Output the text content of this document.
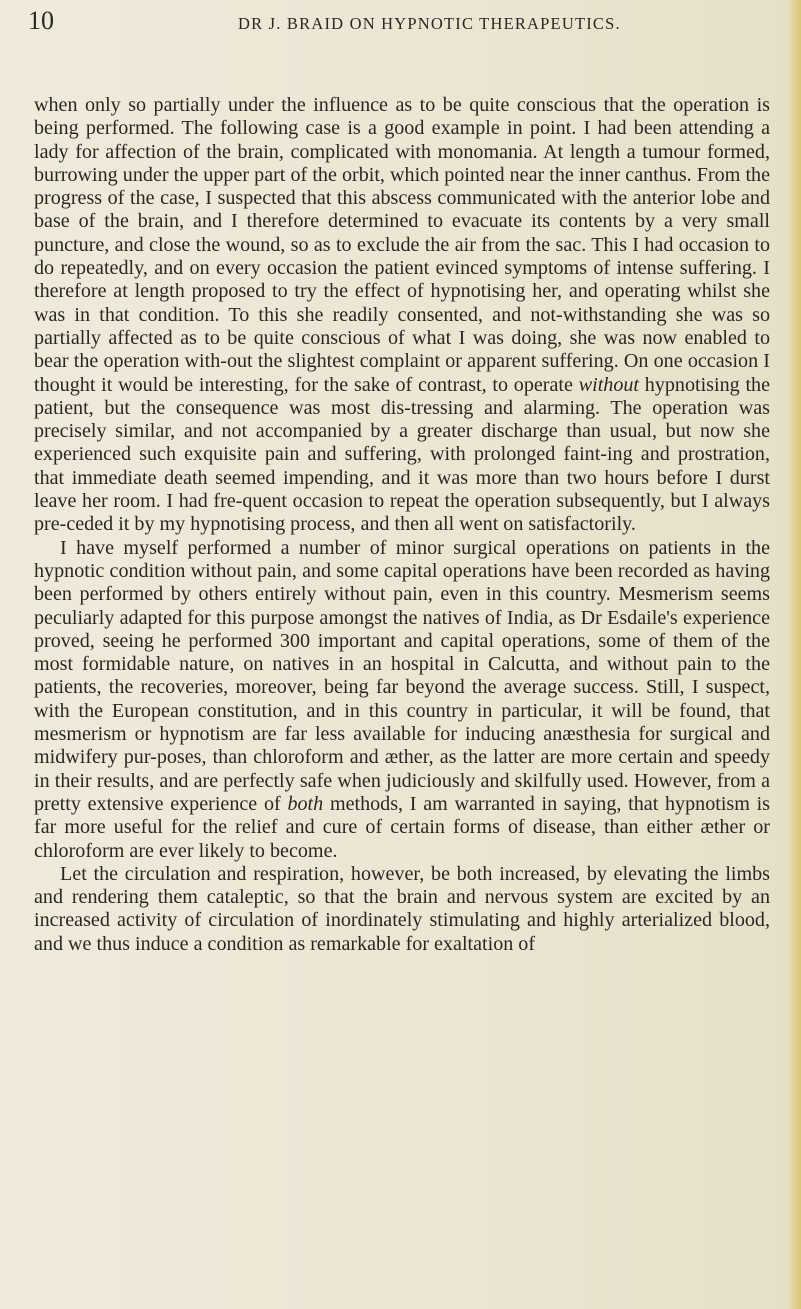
10	DR J. BRAID ON HYPNOTIC THERAPEUTICS.

when only so partially under the influence as to be quite conscious that the operation is being performed. The following case is a good example in point. I had been attending a lady for affection of the brain, complicated with monomania. At length a tumour formed, burrowing under the upper part of the orbit, which pointed near the inner canthus. From the progress of the case, I suspected that this abscess communicated with the anterior lobe and base of the brain, and I therefore determined to evacuate its contents by a very small puncture, and close the wound, so as to exclude the air from the sac. This I had occasion to do repeatedly, and on every occasion the patient evinced symptoms of intense suffering. I therefore at length proposed to try the effect of hypnotising her, and operating whilst she was in that condition. To this she readily consented, and not-withstanding she was so partially affected as to be quite conscious of what I was doing, she was now enabled to bear the operation with-out the slightest complaint or apparent suffering. On one occasion I thought it would be interesting, for the sake of contrast, to operate without hypnotising the patient, but the consequence was most dis-tressing and alarming. The operation was precisely similar, and not accompanied by a greater discharge than usual, but now she experienced such exquisite pain and suffering, with prolonged faint-ing and prostration, that immediate death seemed impending, and it was more than two hours before I durst leave her room. I had fre-quent occasion to repeat the operation subsequently, but I always pre-ceded it by my hypnotising process, and then all went on satisfactorily.

I have myself performed a number of minor surgical operations on patients in the hypnotic condition without pain, and some capital operations have been recorded as having been performed by others entirely without pain, even in this country. Mesmerism seems peculiarly adapted for this purpose amongst the natives of India, as Dr Esdaile's experience proved, seeing he performed 300 important and capital operations, some of them of the most formidable nature, on natives in an hospital in Calcutta, and without pain to the patients, the recoveries, moreover, being far beyond the average success. Still, I suspect, with the European constitution, and in this country in particular, it will be found, that mesmerism or hypnotism are far less available for inducing anæsthesia for surgical and midwifery pur-poses, than chloroform and æther, as the latter are more certain and speedy in their results, and are perfectly safe when judiciously and skilfully used. However, from a pretty extensive experience of both methods, I am warranted in saying, that hypnotism is far more useful for the relief and cure of certain forms of disease, than either æther or chloroform are ever likely to become.

Let the circulation and respiration, however, be both increased, by elevating the limbs and rendering them cataleptic, so that the brain and nervous system are excited by an increased activity of circulation of inordinately stimulating and highly arterialized blood, and we thus induce a condition as remarkable for exaltation of
